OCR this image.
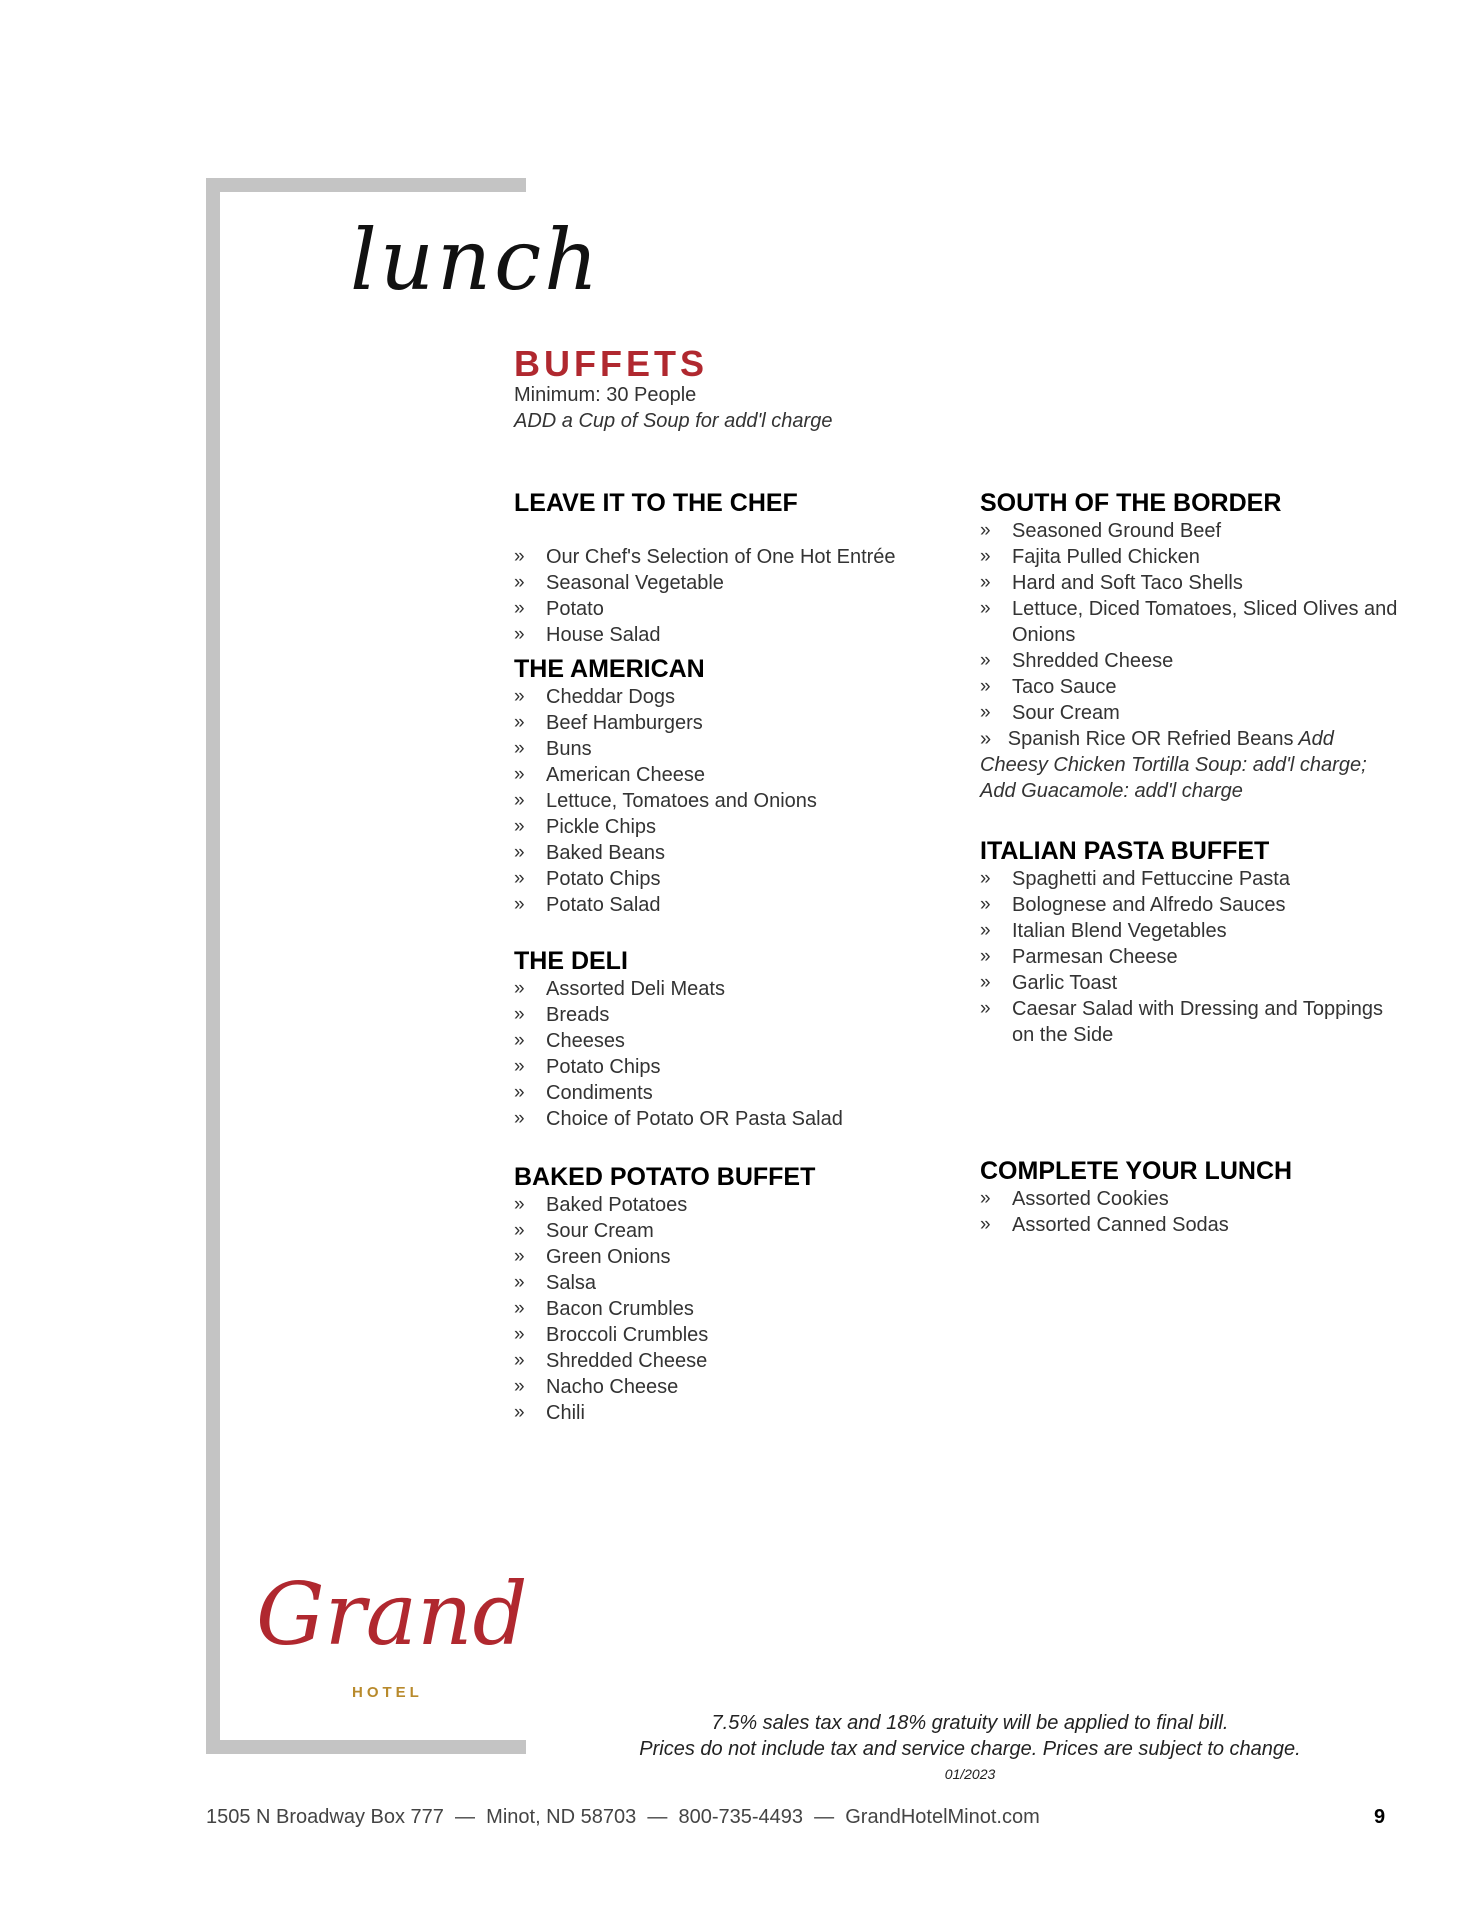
lunch
BUFFETS
Minimum: 30 People
ADD a Cup of Soup for add'l charge
LEAVE IT TO THE CHEF
» Our Chef's Selection of One Hot Entrée
» Seasonal Vegetable
» Potato
» House Salad
THE AMERICAN
» Cheddar Dogs
» Beef Hamburgers
» Buns
» American Cheese
» Lettuce, Tomatoes and Onions
» Pickle Chips
» Baked Beans
» Potato Chips
» Potato Salad
THE DELI
» Assorted Deli Meats
» Breads
» Cheeses
» Potato Chips
» Condiments
» Choice of Potato OR Pasta Salad
BAKED POTATO BUFFET
» Baked Potatoes
» Sour Cream
» Green Onions
» Salsa
» Bacon Crumbles
» Broccoli Crumbles
» Shredded Cheese
» Nacho Cheese
» Chili
SOUTH OF THE BORDER
» Seasoned Ground Beef
» Fajita Pulled Chicken
» Hard and Soft Taco Shells
» Lettuce, Diced Tomatoes, Sliced Olives and Onions
» Shredded Cheese
» Taco Sauce
» Sour Cream
» Spanish Rice OR Refried Beans Add Cheesy Chicken Tortilla Soup: add'l charge; Add Guacamole: add'l charge
ITALIAN PASTA BUFFET
» Spaghetti and Fettuccine Pasta
» Bolognese and Alfredo Sauces
» Italian Blend Vegetables
» Parmesan Cheese
» Garlic Toast
» Caesar Salad with Dressing and Toppings on the Side
COMPLETE YOUR LUNCH
» Assorted Cookies
» Assorted Canned Sodas
Grand
HOTEL
7.5% sales tax and 18% gratuity will be applied to final bill.
Prices do not include tax and service charge. Prices are subject to change.
01/2023
1505 N Broadway Box 777  —  Minot, ND 58703  —  800-735-4493  —  GrandHotelMinot.com	9
